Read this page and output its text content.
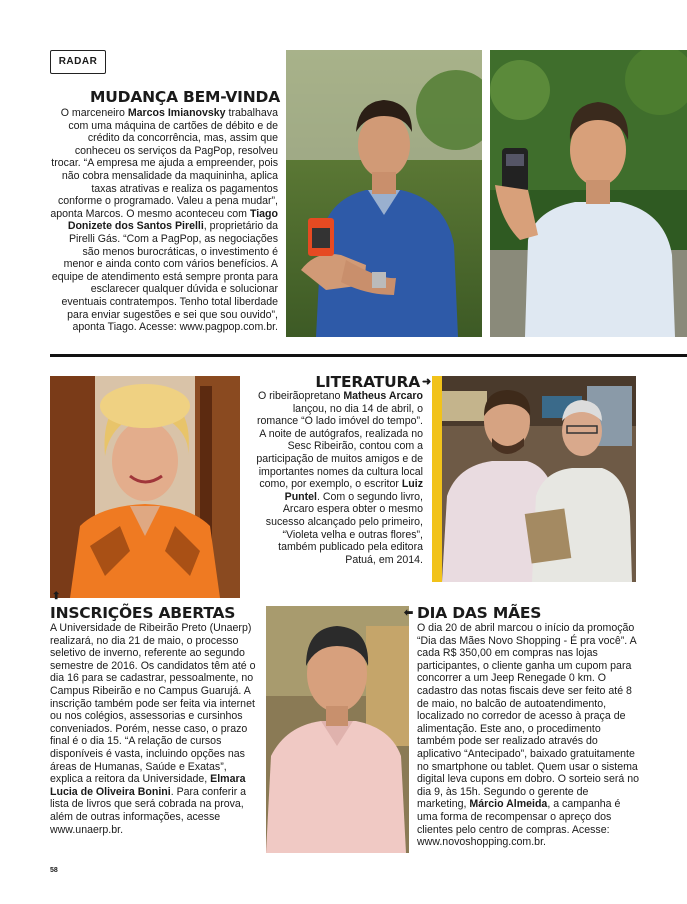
RADAR
MUDANÇA BEM-VINDA
O marceneiro Marcos Imianovsky trabalhava com uma máquina de cartões de débito e de crédito da concorrência, mas, assim que conheceu os serviços da PagPop, resolveu trocar. “A empresa me ajuda a empreender, pois não cobra mensalidade da maquininha, aplica taxas atrativas e realiza os pagamentos conforme o programado. Valeu a pena mudar”, aponta Marcos. O mesmo aconteceu com Tiago Donizete dos Santos Pirelli, proprietário da Pirelli Gás. “Com a PagPop, as negociações são menos burocráticas, o investimento é menor e ainda conto com vários benefícios. A equipe de atendimento está sempre pronta para esclarecer qualquer dúvida e solucionar eventuais contratempos. Tenho total liberdade para enviar sugestões e sei que sou ouvido”, aponta Tiago. Acesse: www.pagpop.com.br.
LITERATURA ➜
O ribeirãopretano Matheus Arcaro lançou, no dia 14 de abril, o romance “O lado imóvel do tempo”. A noite de autógrafos, realizada no Sesc Ribeirão, contou com a participação de muitos amigos e de importantes nomes da cultura local como, por exemplo, o escritor Luiz Puntel. Com o segundo livro, Arcaro espera obter o mesmo sucesso alcançado pelo primeiro, “Violeta velha e outras flores”, também publicado pela editora Patuá, em 2014.
⬆
INSCRIÇÕES ABERTAS
A Universidade de Ribeirão Preto (Unaerp) realizará, no dia 21 de maio, o processo seletivo de inverno, referente ao segundo semestre de 2016. Os candidatos têm até o dia 16 para se cadastrar, pessoalmente, no Campus Ribeirão e no Campus Guarujá. A inscrição também pode ser feita via internet ou nos colégios, assessorias e cursinhos conveniados. Porém, nesse caso, o prazo final é o dia 15. “A relação de cursos disponíveis é vasta, incluindo opções nas áreas de Humanas, Saúde e Exatas”, explica a reitora da Universidade, Elmara Lucia de Oliveira Bonini. Para conferir a lista de livros que será cobrada na prova, além de outras informações, acesse www.unaerp.br.
⬅ DIA DAS MÃES
O dia 20 de abril marcou o início da promoção “Dia das Mães Novo Shopping - É pra você”. A cada R$ 350,00 em compras nas lojas participantes, o cliente ganha um cupom para concorrer a um Jeep Renegade 0 km. O cadastro das notas fiscais deve ser feito até 8 de maio, no balcão de autoatendimento, localizado no corredor de acesso à praça de alimentação. Este ano, o procedimento também pode ser realizado através do aplicativo “Antecipado”, baixado gratuitamente no smartphone ou tablet. Quem usar o sistema digital leva cupons em dobro. O sorteio será no dia 9, às 15h. Segundo o gerente de marketing, Márcio Almeida, a campanha é uma forma de recompensar o apreço dos clientes pelo centro de compras. Acesse: www.novoshopping.com.br.
58
